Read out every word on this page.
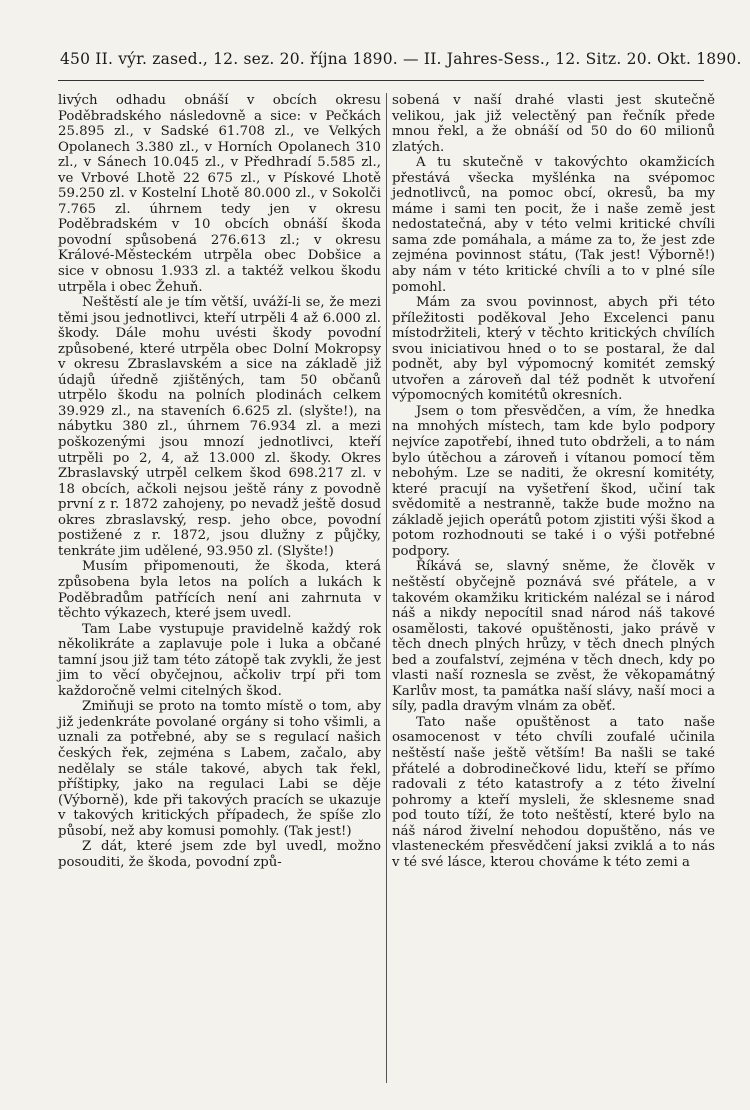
450 II. výr. zased., 12. sez. 20. října 1890. — II. Jahres-Sess., 12. Sitz. 20. Okt. 1890.

livých odhadu obnáší v obcích okresu Poděbradského následovně a sice: v Pečkách 25.895 zl., v Sadské 61.708 zl., ve Velkých Opolanech 3.380 zl., v Horních Opolanech 310 zl., v Sánech 10.045 zl., v Předhradí 5.585 zl., ve Vrbové Lhotě 22 675 zl., v Pískové Lhotě 59.250 zl. v Kostelní Lhotě 80.000 zl., v Sokolči 7.765 zl. úhrnem tedy jen v okresu Poděbradském v 10 obcích obnáší škoda povodní spůsobená 276.613 zl.; v okresu Králové-Městeckém utrpěla obec Dobšice a sice v obnosu 1.933 zl. a taktéž velkou škodu utrpěla i obec Žehuň.

Neštěstí ale je tím větší, uváží-li se, že mezi těmi jsou jednotlivci, kteří utrpěli 4 až 6.000 zl. škody. Dále mohu uvésti škody povodní způsobené, které utrpěla obec Dolní Mokropsy v okresu Zbraslavském a sice na základě již údajů úředně zjištěných, tam 50 občanů utrpělo škodu na polních plodinách celkem 39.929 zl., na staveních 6.625 zl. (slyšte!), na nábytku 380 zl., úhrnem 76.934 zl. a mezi poškozenými jsou mnozí jednotlivci, kteří utrpěli po 2, 4, až 13.000 zl. škody. Okres Zbraslavský utrpěl celkem škod 698.217 zl. v 18 obcích, ačkoli nejsou ještě rány z povodně první z r. 1872 zahojeny, po nevadž ještě dosud okres zbraslavský, resp. jeho obce, povodní postižené z r. 1872, jsou dlužny z půjčky, tenkráte jim udělené, 93.950 zl. (Slyšte!)

Musím připomenouti, že škoda, která způsobena byla letos na polích a lukách k Poděbradům patřících není ani zahrnuta v těchto výkazech, které jsem uvedl.

Tam Labe vystupuje pravidelně každý rok několikráte a zaplavuje pole i luka a občané tamní jsou již tam této zátopě tak zvykli, že jest jim to věcí obyčejnou, ačkoliv trpí při tom každoročně velmi citelných škod.

Zmiňuji se proto na tomto místě o tom, aby již jedenkráte povolané orgány si toho všimli, a uznali za potřebné, aby se s regulací našich českých řek, zejména s Labem, začalo, aby nedělaly se stále takové, abych tak řekl, příštipky, jako na regulaci Labi se děje (Výborně), kde při takových pracích se ukazuje v takových kritických případech, že spíše zlo působí, než aby komusi pomohly. (Tak jest!)

Z dát, které jsem zde byl uvedl, možno posouditi, že škoda, povodní způ-

sobená v naší drahé vlasti jest skutečně velikou, jak již velectěný pan řečník přede mnou řekl, a že obnáší od 50 do 60 milionů zlatých.

A tu skutečně v takovýchto okamžicích přestává všecka myšlénka na svépomoc jednotlivců, na pomoc obcí, okresů, ba my máme i sami ten pocit, že i naše země jest nedostatečná, aby v této velmi kritické chvíli sama zde pomáhala, a máme za to, že jest zde zejména povinnost státu, (Tak jest! Výborně!) aby nám v této kritické chvíli a to v plné síle pomohl.

Mám za svou povinnost, abych při této příležitosti poděkoval Jeho Excelenci panu místodržiteli, který v těchto kritických chvílích svou iniciativou hned o to se postaral, že dal podnět, aby byl výpomocný komitét zemský utvořen a zároveň dal též podnět k utvoření výpomocných komitétů okresních.

Jsem o tom přesvědčen, a vím, že hnedka na mnohých místech, tam kde bylo podpory nejvíce zapotřebí, ihned tuto obdrželi, a to nám bylo útěchou a zároveň i vítanou pomocí těm nebohým. Lze se naditi, že okresní komitéty, které pracují na vyšetření škod, učiní tak svědomitě a nestranně, takže bude možno na základě jejich operátů potom zjistiti výši škod a potom rozhodnouti se také i o výši potřebné podpory.

Říkává se, slavný sněme, že člověk v neštěstí obyčejně poznává své přátele, a v takovém okamžiku kritickém nalézal se i národ náš a nikdy nepocítil snad národ náš takové osamělosti, takové opuštěnosti, jako právě v těch dnech plných hrůzy, v těch dnech plných bed a zoufalství, zejména v těch dnech, kdy po vlasti naší roznesla se zvěst, že věkopamátný Karlův most, ta památka naší slávy, naší moci a síly, padla dravým vlnám za oběť.

Tato naše opuštěnost a tato naše osamocenost v této chvíli zoufalé učinila neštěstí naše ještě větším! Ba našli se také přátelé a dobrodinečkové lidu, kteří se přímo radovali z této katastrofy a z této živelní pohromy a kteří mysleli, že sklesneme snad pod touto tíží, že toto neštěstí, které bylo na náš národ živelní nehodou dopuštěno, nás ve vlasteneckém přesvědčení jaksi zviklá a to nás v té své lásce, kterou chováme k této zemi a
